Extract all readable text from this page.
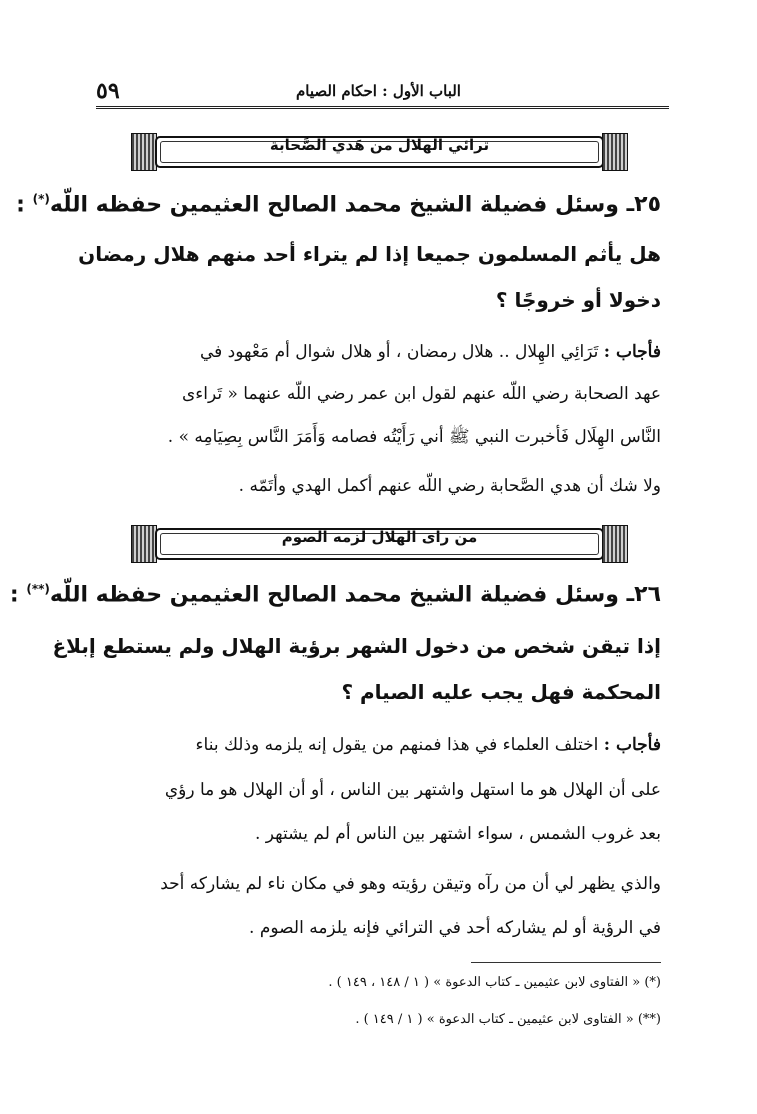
٥٩	الباب الأول : احكام الصيام
ترائي الهلال من هَدي الصَّحابة
٢٥ـ وسئل فضيلة الشيخ محمد الصالح العثيمين حفظه اللّه(*) :
هل يأثم المسلمون جميعا إذا لم يتراء أحد منهم هلال رمضان
دخولا أو خروجًا ؟
فأجاب : تَرَائِي الهِلال .. هلال رمضان ، أو هلال شوال أم مَعْهود في
عهد الصحابة رضي اللّه عنهم لقول ابن عمر رضي اللّه عنهما « تَراءى
النَّاس الهِلَال فَأخبرت النبي ﷺ أني رَأَيْتُه فصامه وَأَمَرَ النَّاس بِصِيَامِه » .
ولا شك أن هدي الصَّحابة رضي اللّه عنهم أكمل الهدي وأتَمّه .
من راى الهلال لزمه الصوم
٢٦ـ وسئل فضيلة الشيخ محمد الصالح العثيمين حفظه اللّه(**) :
إذا تيقن شخص من دخول الشهر برؤية الهلال ولم يستطع إبلاغ
المحكمة فهل يجب عليه الصيام ؟
فأجاب : اختلف العلماء في هذا فمنهم من يقول إنه يلزمه وذلك بناء
على أن الهلال هو ما استهل واشتهر بين الناس ، أو أن الهلال هو ما رؤي
بعد غروب الشمس ، سواء اشتهر بين الناس أم لم يشتهر .
والذي يظهر لي أن من رآه وتيقن رؤيته وهو في مكان ناء لم يشاركه أحد
في الرؤية أو لم يشاركه أحد في الترائي فإنه يلزمه الصوم .
(*) « الفتاوى لابن عثيمين ـ كتاب الدعوة » ( ١ / ١٤٨ ، ١٤٩ ) .
(**) « الفتاوى لابن عثيمين ـ كتاب الدعوة » ( ١ / ١٤٩ ) .
